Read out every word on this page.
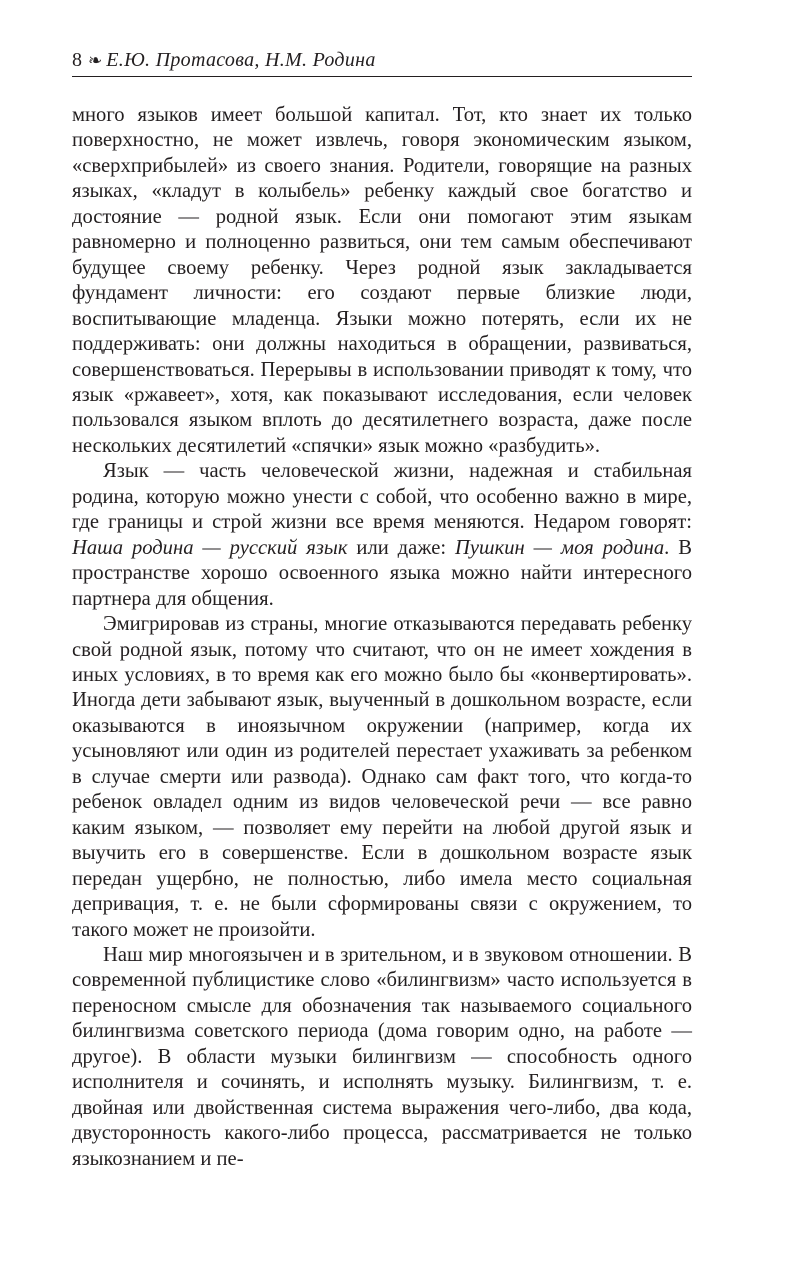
8 ❧ Е.Ю. Протасова, Н.М. Родина

много языков имеет большой капитал. Тот, кто знает их только поверхностно, не может извлечь, говоря экономическим языком, «сверхприбылей» из своего знания. Родители, говорящие на разных языках, «кладут в колыбель» ребенку каждый свое богатство и достояние — родной язык. Если они помогают этим языкам равномерно и полноценно развиться, они тем самым обеспечивают будущее своему ребенку. Через родной язык закладывается фундамент личности: его создают первые близкие люди, воспитывающие младенца. Языки можно потерять, если их не поддерживать: они должны находиться в обращении, развиваться, совершенствоваться. Перерывы в использовании приводят к тому, что язык «ржавеет», хотя, как показывают исследования, если человек пользовался языком вплоть до десятилетнего возраста, даже после нескольких десятилетий «спячки» язык можно «разбудить».

Язык — часть человеческой жизни, надежная и стабильная родина, которую можно унести с собой, что особенно важно в мире, где границы и строй жизни все время меняются. Недаром говорят: Наша родина — русский язык или даже: Пушкин — моя родина. В пространстве хорошо освоенного языка можно найти интересного партнера для общения.

Эмигрировав из страны, многие отказываются передавать ребенку свой родной язык, потому что считают, что он не имеет хождения в иных условиях, в то время как его можно было бы «конвертировать». Иногда дети забывают язык, выученный в дошкольном возрасте, если оказываются в иноязычном окружении (например, когда их усыновляют или один из родителей перестает ухаживать за ребенком в случае смерти или развода). Однако сам факт того, что когда-то ребенок овладел одним из видов человеческой речи — все равно каким языком, — позволяет ему перейти на любой другой язык и выучить его в совершенстве. Если в дошкольном возрасте язык передан ущербно, не полностью, либо имела место социальная депривация, т. е. не были сформированы связи с окружением, то такого может не произойти.

Наш мир многоязычен и в зрительном, и в звуковом отношении. В современной публицистике слово «билингвизм» часто используется в переносном смысле для обозначения так называемого социального билингвизма советского периода (дома говорим одно, на работе — другое). В области музыки билингвизм — способность одного исполнителя и сочинять, и исполнять музыку. Билингвизм, т. е. двойная или двойственная система выражения чего-либо, два кода, двусторонность какого-либо процесса, рассматривается не только языкознанием и пе-
